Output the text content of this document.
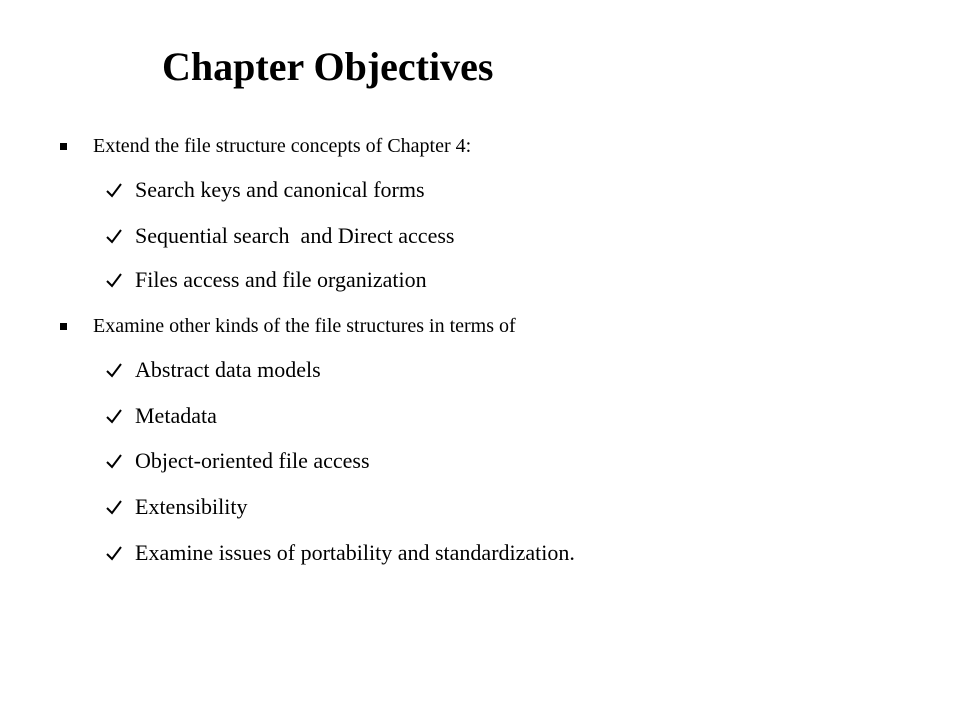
Chapter Objectives
Extend the file structure concepts of Chapter 4:
Search keys and canonical forms
Sequential search  and Direct access
Files access and file organization
Examine other kinds of the file structures in terms of
Abstract data models
Metadata
Object-oriented file access
Extensibility
Examine issues of portability and standardization.
